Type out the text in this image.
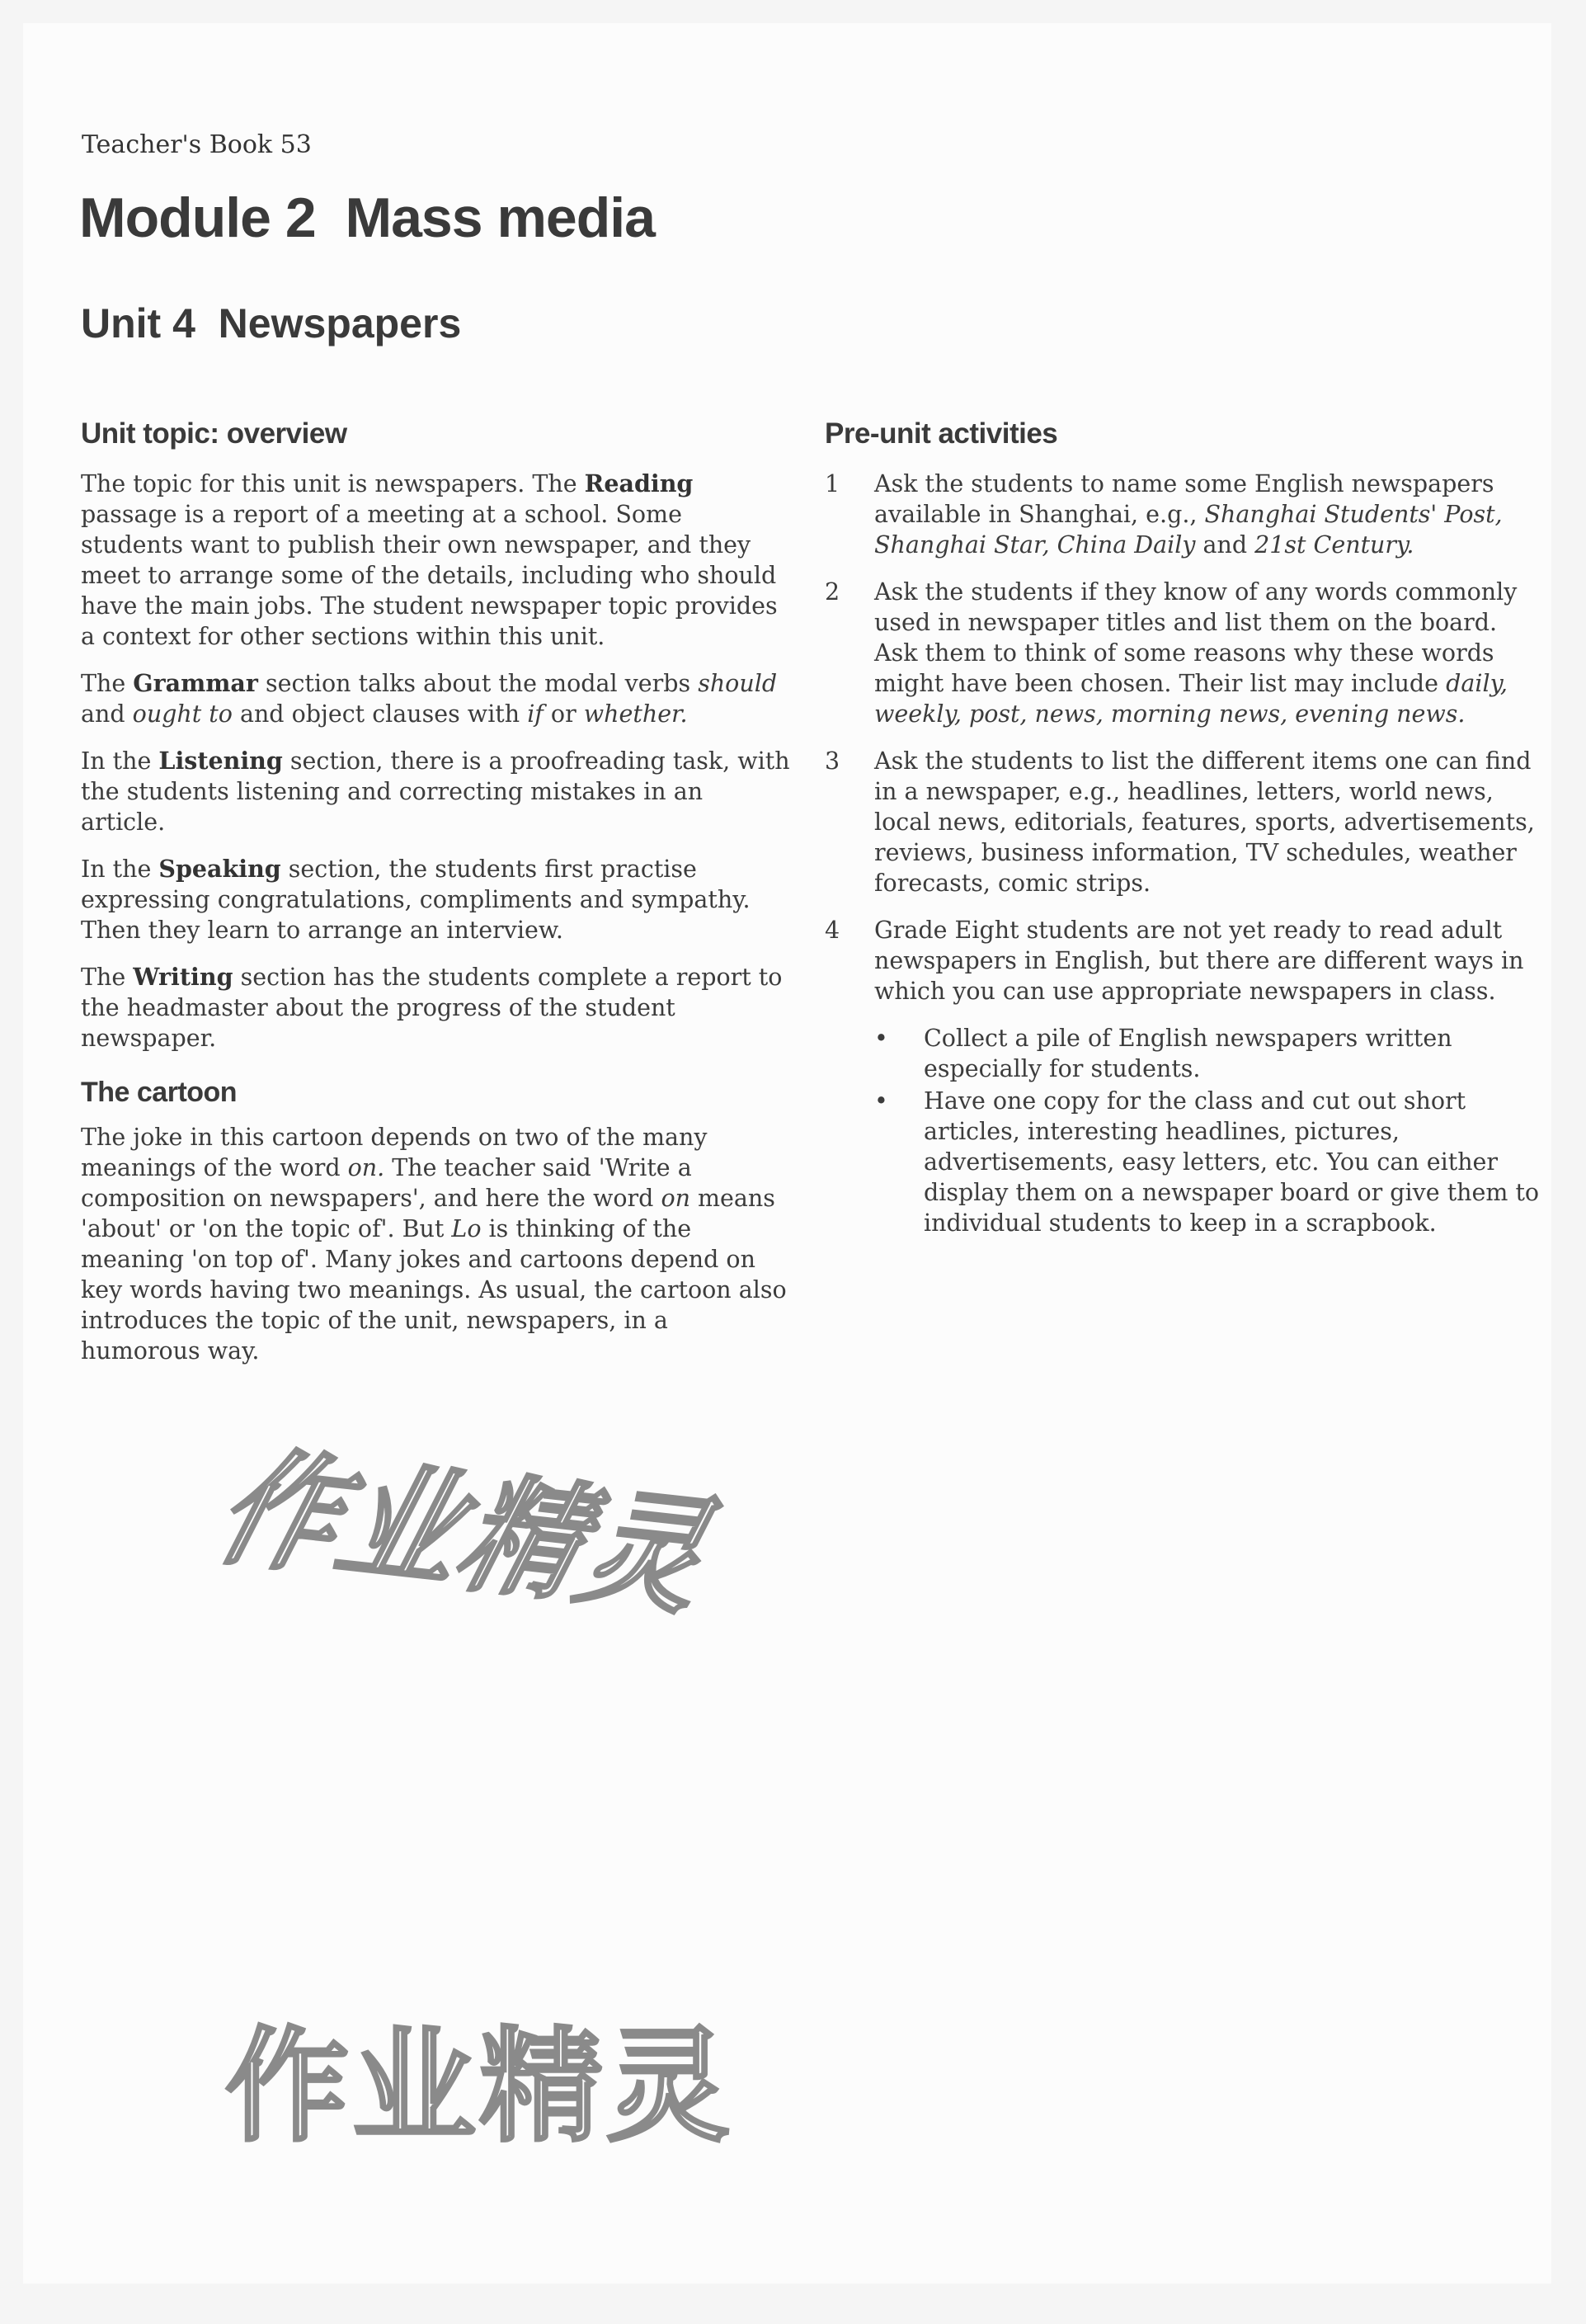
Teacher's Book 53
Module 2  Mass media
Unit 4  Newspapers
Unit topic: overview

The topic for this unit is newspapers. The Reading passage is a report of a meeting at a school. Some students want to publish their own newspaper, and they meet to arrange some of the details, including who should have the main jobs. The student newspaper topic provides a context for other sections within this unit.

The Grammar section talks about the modal verbs should and ought to and object clauses with if or whether.

In the Listening section, there is a proofreading task, with the students listening and correcting mistakes in an article.

In the Speaking section, the students first practise expressing congratulations, compliments and sympathy. Then they learn to arrange an interview.

The Writing section has the students complete a report to the headmaster about the progress of the student newspaper.

The cartoon

The joke in this cartoon depends on two of the many meanings of the word on. The teacher said 'Write a composition on newspapers', and here the word on means 'about' or 'on the topic of'. But Lo is thinking of the meaning 'on top of'. Many jokes and cartoons depend on key words having two meanings. As usual, the cartoon also introduces the topic of the unit, newspapers, in a humorous way.

Pre-unit activities
1	Ask the students to name some English newspapers available in Shanghai, e.g., Shanghai Students' Post, Shanghai Star, China Daily and 21st Century.
2	Ask the students if they know of any words commonly used in newspaper titles and list them on the board. Ask them to think of some reasons why these words might have been chosen. Their list may include daily, weekly, post, news, morning news, evening news.
3	Ask the students to list the different items one can find in a newspaper, e.g., headlines, letters, world news, local news, editorials, features, sports, advertisements, reviews, business information, TV schedules, weather forecasts, comic strips.
4	Grade Eight students are not yet ready to read adult newspapers in English, but there are different ways in which you can use appropriate newspapers in class.
•	Collect a pile of English newspapers written especially for students.
•	Have one copy for the class and cut out short articles, interesting headlines, pictures, advertisements, easy letters, etc. You can either display them on a newspaper board or give them to individual students to keep in a scrapbook.
作业精灵
作业精灵
